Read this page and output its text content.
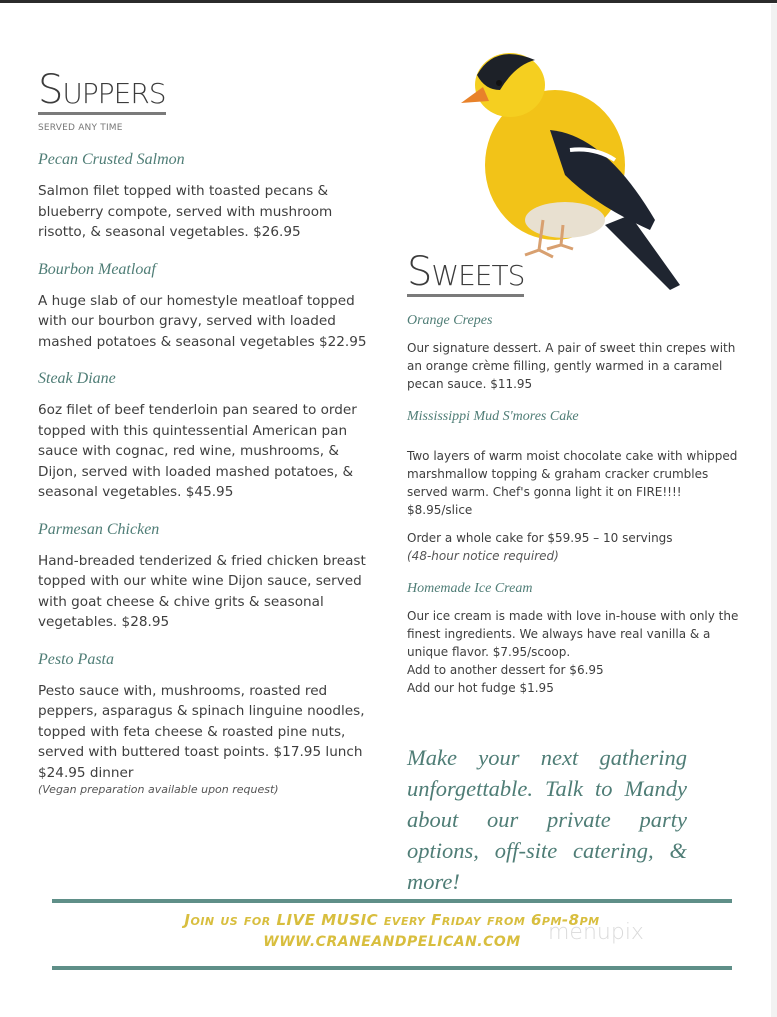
Suppers
SERVED ANY TIME
Pecan Crusted Salmon
Salmon filet topped with toasted pecans & blueberry compote, served with mushroom risotto, & seasonal vegetables. $26.95
Bourbon Meatloaf
A huge slab of our homestyle meatloaf topped with our bourbon gravy, served with loaded mashed potatoes & seasonal vegetables $22.95
Steak Diane
6oz filet of beef tenderloin pan seared to order topped with this quintessential American pan sauce with cognac, red wine, mushrooms, & Dijon, served with loaded mashed potatoes, & seasonal vegetables. $45.95
Parmesan Chicken
Hand-breaded tenderized & fried chicken breast topped with our white wine Dijon sauce, served with goat cheese & chive grits & seasonal vegetables. $28.95
Pesto Pasta
Pesto sauce with, mushrooms, roasted red peppers, asparagus & spinach linguine noodles, topped with feta cheese & roasted pine nuts, served with buttered toast points. $17.95 lunch $24.95 dinner
(Vegan preparation available upon request)
Sweets
Orange Crepes
Our signature dessert. A pair of sweet thin crepes with an orange crème filling, gently warmed in a caramel pecan sauce. $11.95
Mississippi Mud S'mores Cake
Two layers of warm moist chocolate cake with whipped marshmallow topping & graham cracker crumbles served warm. Chef's gonna light it on FIRE!!!! $8.95/slice
Order a whole cake for $59.95 – 10 servings
(48-hour notice required)
Homemade Ice Cream
Our ice cream is made with love in-house with only the finest ingredients. We always have real vanilla & a unique flavor. $7.95/scoop.
Add to another dessert for $6.95
Add our hot fudge $1.95
Make your next gathering unforgettable. Talk to Mandy about our private party options, off-site catering, & more!
Join us for LIVE MUSIC every Friday from 6pm-8pm
WWW.CRANEANDPELICAN.COM	menupix
